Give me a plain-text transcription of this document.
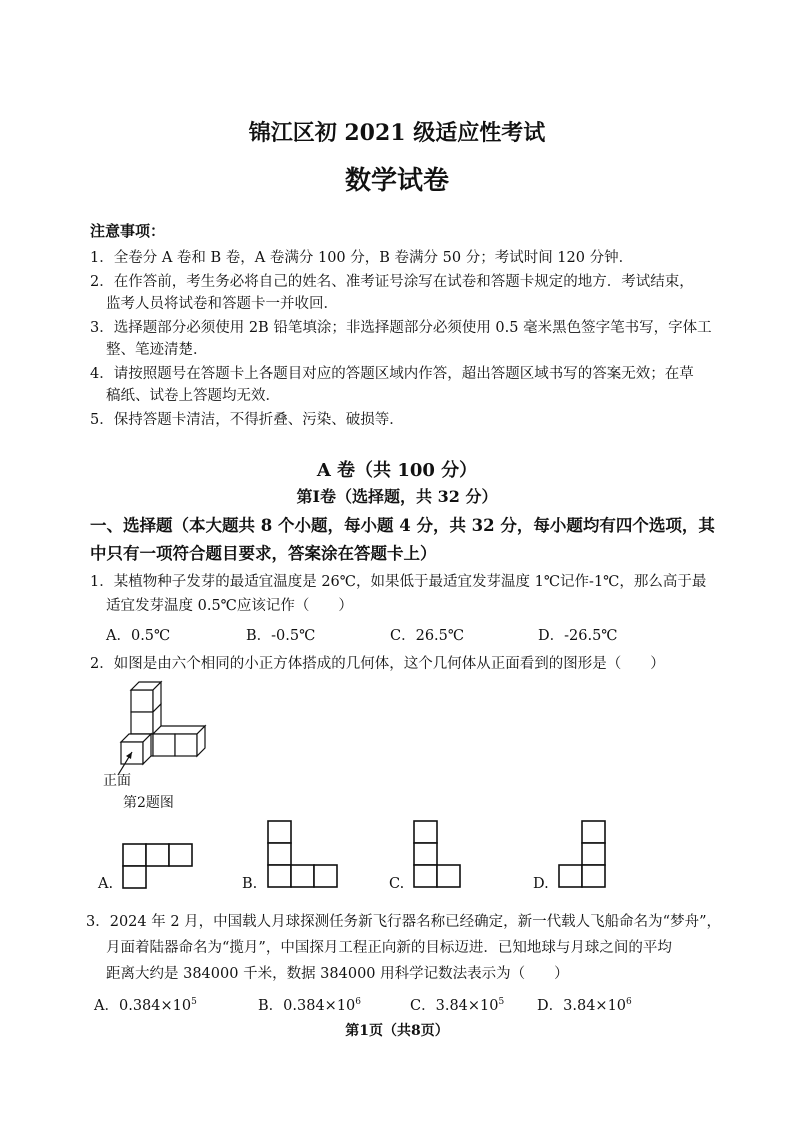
锦江区初 2021 级适应性考试
数学试卷
注意事项：
1．全卷分 A 卷和 B 卷，A 卷满分 100 分，B 卷满分 50 分；考试时间 120 分钟．
2．在作答前，考生务必将自己的姓名、准考证号涂写在试卷和答题卡规定的地方．考试结束，
监考人员将试卷和答题卡一并收回．
3．选择题部分必须使用 2B 铅笔填涂；非选择题部分必须使用 0.5 毫米黑色签字笔书写，字体工
整、笔迹清楚．
4．请按照题号在答题卡上各题目对应的答题区域内作答，超出答题区域书写的答案无效；在草
稿纸、试卷上答题均无效．
5．保持答题卡清洁，不得折叠、污染、破损等．
A 卷（共 100 分）
第Ⅰ卷（选择题，共 32 分）
一、选择题（本大题共 8 个小题，每小题 4 分，共 32 分，每小题均有四个选项，其
中只有一项符合题目要求，答案涂在答题卡上）
1．某植物种子发芽的最适宜温度是 26℃，如果低于最适宜发芽温度 1℃记作-1℃，那么高于最
适宜发芽温度 0.5℃应该记作（　　）
A．0.5℃	B．-0.5℃	C．26.5℃	D．-26.5℃
2．如图是由六个相同的小正方体搭成的几何体，这个几何体从正面看到的图形是（　　）
正面
第2题图
A.	B.	C.	D.
3．2024 年 2 月，中国载人月球探测任务新飞行器名称已经确定，新一代载人飞船命名为“梦舟”，
月面着陆器命名为“揽月”，中国探月工程正向新的目标迈进．已知地球与月球之间的平均
距离大约是 384000 千米，数据 384000 用科学记数法表示为（　　）
A．$0.384\times 10^5$	B．$0.384\times 10^6$	C．$3.84\times 10^5$ D．$3.84\times 10^6$
第1页（共8页）
